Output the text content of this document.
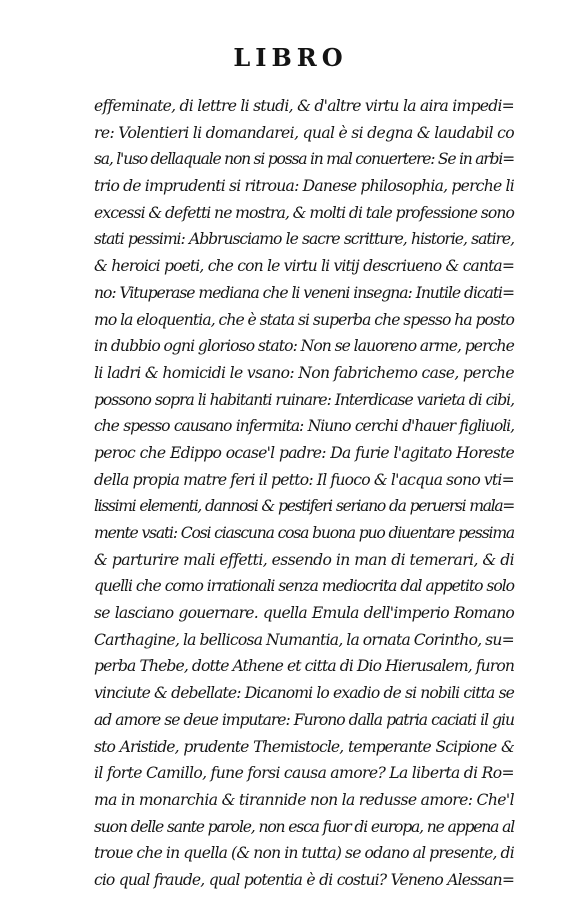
LIBRO
effeminate, di lettre li studi, & d'altre virtu la aira impedi=
re: Volentieri li domandarei, qual è si degna & laudabil co
sa, l'uso dellaquale non si possa in mal conuertere: Se in arbi=
trio de imprudenti si ritroua: Danese philosophia, perche li
excessi & defetti ne mostra, & molti di tale professione sono
stati pessimi: Abbrusciamo le sacre scritture, historie, satire,
& heroici poeti, che con le virtu li vitij descriueno & canta=
no: Vituperase mediana che li veneni insegna: Inutile dicati=
mo la eloquentia, che è stata si superba che spesso ha posto
in dubbio ogni glorioso stato: Non se lauoreno arme, perche
li ladri & homicidi le vsano: Non fabrichemo case, perche
possono sopra li habitanti ruinare: Interdicase varieta di cibi,
che spesso causano infermita: Niuno cerchi d'hauer figliuoli,
peroc che Edippo ocase'l padre: Da furie l'agitato Horeste
della propia matre feri il petto: Il fuoco & l'acqua sono vti=
lissimi elementi, dannosi & pestiferi seriano da peruersi mala=
mente vsati: Cosi ciascuna cosa buona puo diuentare pessima
& parturire mali effetti, essendo in man di temerari, & di
quelli che como irrationali senza mediocrita dal appetito solo
se lasciano gouernare. quella Emula dell'imperio Romano
Carthagine, la bellicosa Numantia, la ornata Corintho, su=
perba Thebe, dotte Athene et citta di Dio Hierusalem, furon
vinciute & debellate: Dicanomi lo exadio de si nobili citta se
ad amore se deue imputare: Furono dalla patria caciati il giu
sto Aristide, prudente Themistocle, temperante Scipione &
il forte Camillo, fune forsi causa amore? La liberta di Ro=
ma in monarchia & tirannide non la redusse amore: Che'l
suon delle sante parole, non esca fuor di europa, ne appena al
troue che in quella (& non in tutta) se odano al presente, di
cio qual fraude, qual potentia è di costui? Veneno Alessan=
